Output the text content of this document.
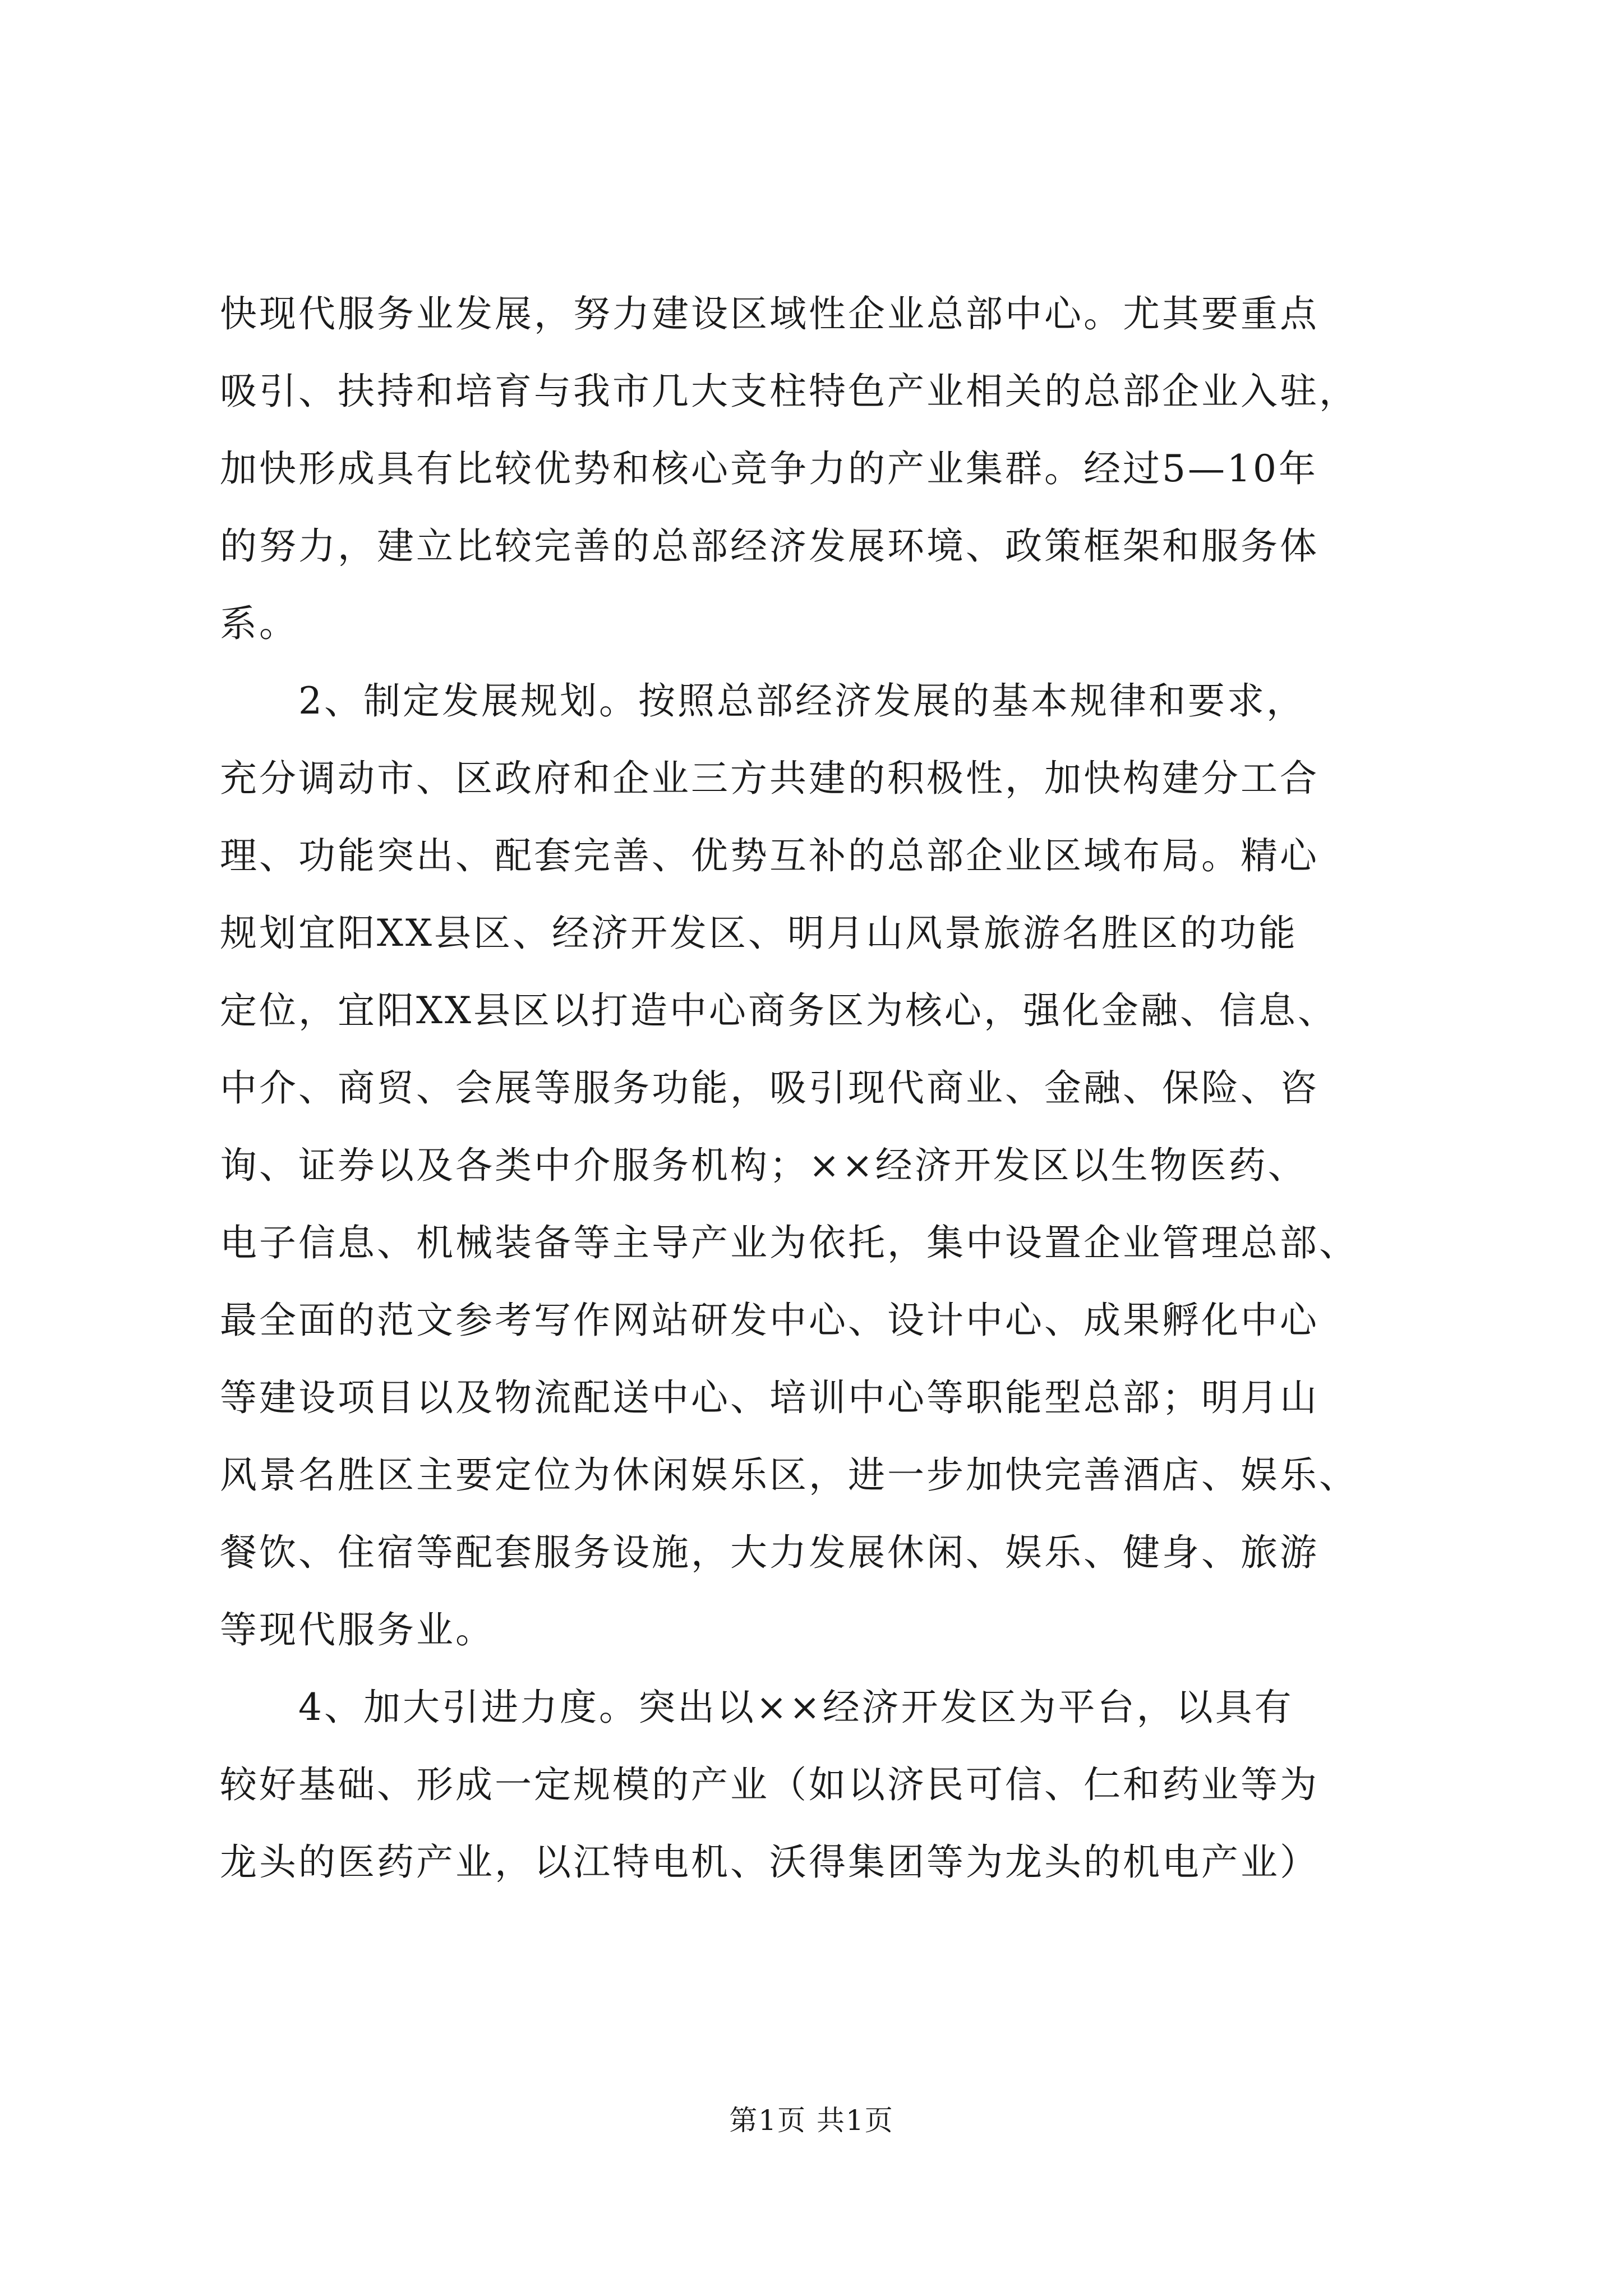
快现代服务业发展，努力建设区域性企业总部中心。尤其要重点
吸引、扶持和培育与我市几大支柱特色产业相关的总部企业入驻，
加快形成具有比较优势和核心竞争力的产业集群。经过5—10年
的努力，建立比较完善的总部经济发展环境、政策框架和服务体
系。
2、制定发展规划。按照总部经济发展的基本规律和要求，
充分调动市、区政府和企业三方共建的积极性，加快构建分工合
理、功能突出、配套完善、优势互补的总部企业区域布局。精心
规划宜阳XX县区、经济开发区、明月山风景旅游名胜区的功能
定位，宜阳XX县区以打造中心商务区为核心，强化金融、信息、
中介、商贸、会展等服务功能，吸引现代商业、金融、保险、咨
询、证券以及各类中介服务机构；××经济开发区以生物医药、
电子信息、机械装备等主导产业为依托，集中设置企业管理总部、
最全面的范文参考写作网站研发中心、设计中心、成果孵化中心
等建设项目以及物流配送中心、培训中心等职能型总部；明月山
风景名胜区主要定位为休闲娱乐区，进一步加快完善酒店、娱乐、
餐饮、住宿等配套服务设施，大力发展休闲、娱乐、健身、旅游
等现代服务业。
4、加大引进力度。突出以××经济开发区为平台，以具有
较好基础、形成一定规模的产业（如以济民可信、仁和药业等为
龙头的医药产业，以江特电机、沃得集团等为龙头的机电产业）
第1页 共1页
